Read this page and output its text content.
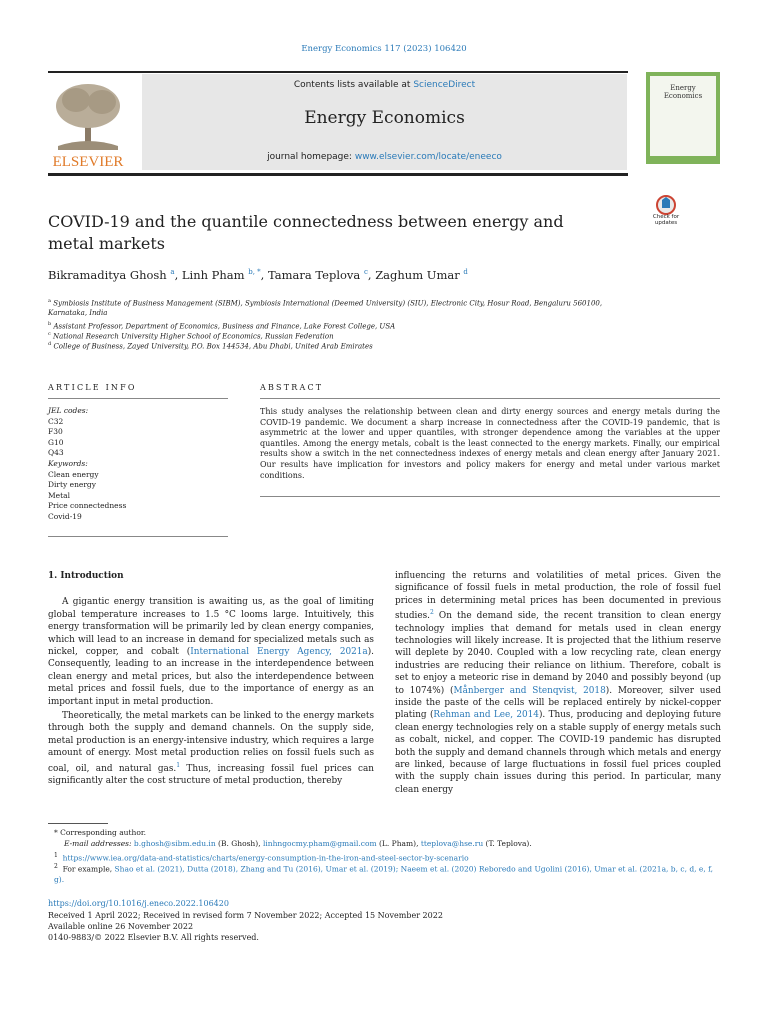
Energy Economics 117 (2023) 106420
ELSEVIER
Contents lists available at ScienceDirect
Energy Economics
journal homepage: www.elsevier.com/locate/eneeco
Energy Economics
Check for updates
COVID-19 and the quantile connectedness between energy and metal markets
Bikramaditya Ghosh $^a$, Linh Pham $^{b, *}$, Tamara Teplova $^c$, Zaghum Umar $^d$
$^a$ Symbiosis Institute of Business Management (SIBM), Symbiosis International (Deemed University) (SIU), Electronic City, Hosur Road, Bengaluru 560100, Karnataka, India
$^b$ Assistant Professor, Department of Economics, Business and Finance, Lake Forest College, USA
$^c$ National Research University Higher School of Economics, Russian Federation
$^d$ College of Business, Zayed University, P.O. Box 144534, Abu Dhabi, United Arab Emirates
ARTICLE INFO	ABSTRACT
JEL codes:
C32
F30
G10
Q43
Keywords:
Clean energy
Dirty energy
Metal
Price connectedness
Covid-19
This study analyses the relationship between clean and dirty energy sources and energy metals during the COVID-19 pandemic. We document a sharp increase in connectedness after the COVID-19 pandemic, that is asymmetric at the lower and upper quantiles, with stronger dependence among the variables at the upper quantiles. Among the energy metals, cobalt is the least connected to the energy markets. Finally, our empirical results show a switch in the net connectedness indexes of energy metals and clean energy after January 2021. Our results have implication for investors and policy makers for energy and metal under various market conditions.

1. Introduction

A gigantic energy transition is awaiting us, as the goal of limiting global temperature increases to 1.5 °C looms large. Intuitively, this energy transformation will be primarily led by clean energy companies, which will lead to an increase in demand for specialized metals such as nickel, copper, and cobalt (International Energy Agency, 2021a). Consequently, leading to an increase in the interdependence between clean energy and metal prices, but also the interdependence between metal prices and fossil fuels, due to the importance of energy as an important input in metal production.

Theoretically, the metal markets can be linked to the energy markets through both the supply and demand channels. On the supply side, metal production is an energy-intensive industry, which requires a large amount of energy. Most metal production relies on fossil fuels such as coal, oil, and natural gas.$^1$ Thus, increasing fossil fuel prices can significantly alter the cost structure of metal production, thereby

influencing the returns and volatilities of metal prices. Given the significance of fossil fuels in metal production, the role of fossil fuel prices in determining metal prices has been documented in previous studies.$^2$ On the demand side, the recent transition to clean energy technology implies that demand for metals used in clean energy technologies will likely increase. It is projected that the lithium reserve will deplete by 2040. Coupled with a low recycling rate, clean energy industries are reducing their reliance on lithium. Therefore, cobalt is set to enjoy a meteoric rise in demand by 2040 and possibly beyond (up to 1074%) (Månberger and Stenqvist, 2018). Moreover, silver used inside the paste of the cells will be replaced entirely by nickel-copper plating (Rehman and Lee, 2014). Thus, producing and deploying future clean energy technologies rely on a stable supply of energy metals such as cobalt, nickel, and copper. The COVID-19 pandemic has disrupted both the supply and demand channels through which metals and energy are linked, because of large fluctuations in fossil fuel prices coupled with the supply chain issues during this period. In particular, many clean energy

* Corresponding author.
E-mail addresses: b.ghosh@sibm.edu.in (B. Ghosh), linhngocmy.pham@gmail.com (L. Pham), tteplova@hse.ru (T. Teplova).
$^1$ https://www.iea.org/data-and-statistics/charts/energy-consumption-in-the-iron-and-steel-sector-by-scenario
$^2$ For example, Shao et al. (2021), Dutta (2018), Zhang and Tu (2016), Umar et al. (2019); Naeem et al. (2020) Reboredo and Ugolini (2016), Umar et al. (2021a, b, c, d, e, f, g).
https://doi.org/10.1016/j.eneco.2022.106420
Received 1 April 2022; Received in revised form 7 November 2022; Accepted 15 November 2022
Available online 26 November 2022
0140-9883/© 2022 Elsevier B.V. All rights reserved.
